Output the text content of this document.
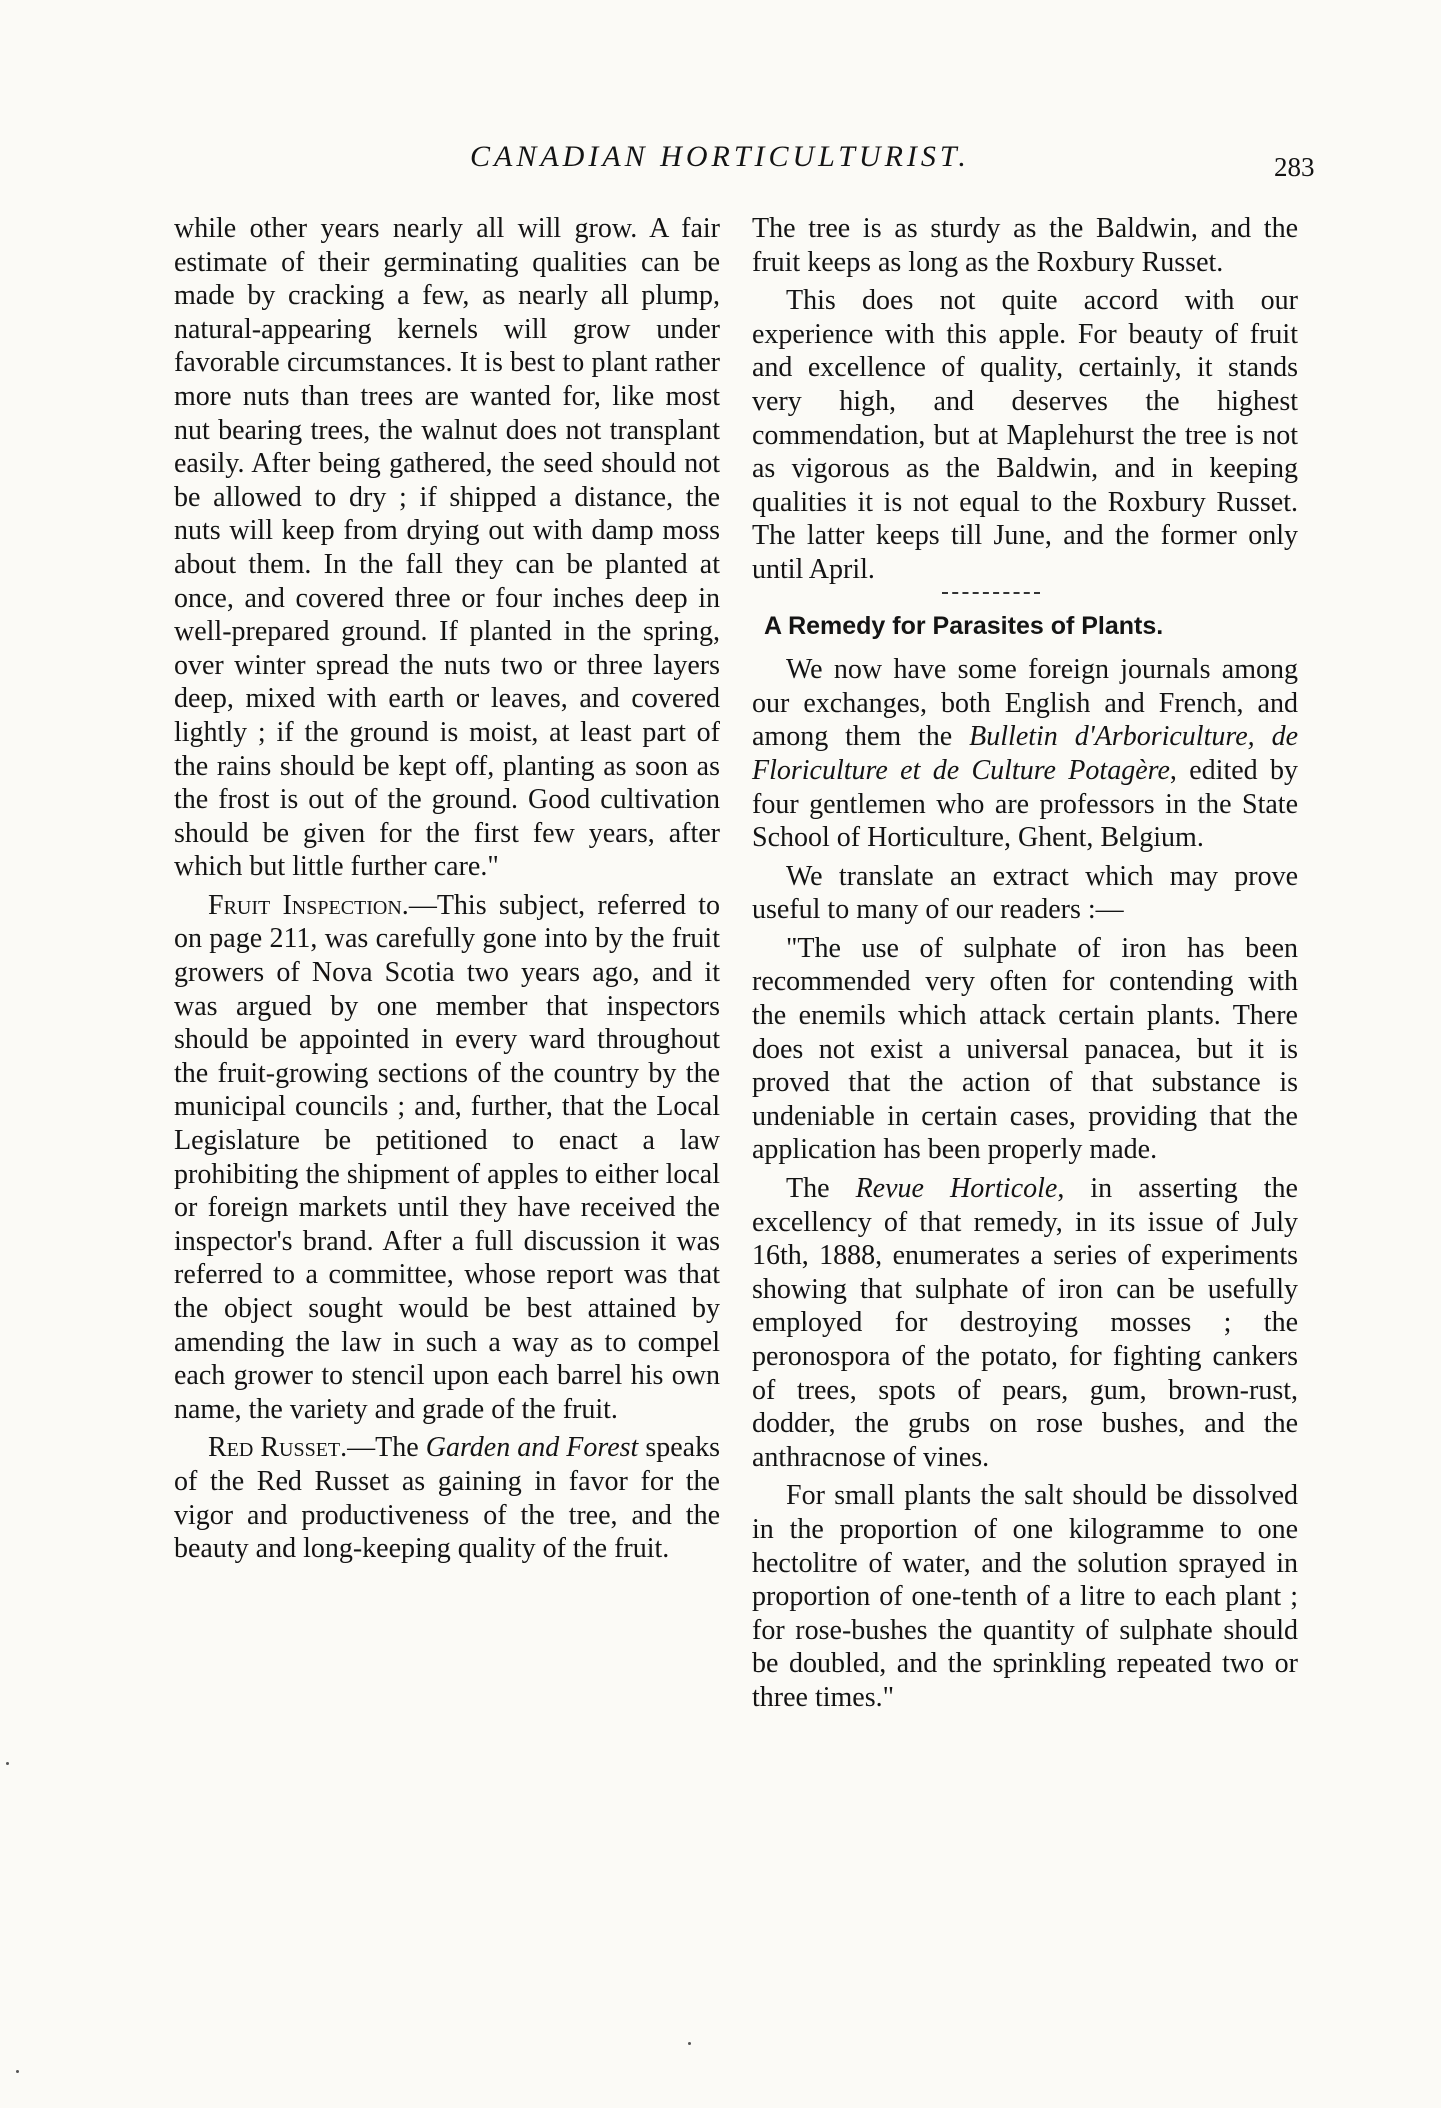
CANADIAN HORTICULTURIST.	283

while other years nearly all will grow. A fair estimate of their germinating qualities can be made by cracking a few, as nearly all plump, natural-appearing kernels will grow under favorable circumstances. It is best to plant rather more nuts than trees are wanted for, like most nut bearing trees, the walnut does not transplant easily. After being gathered, the seed should not be allowed to dry ; if shipped a distance, the nuts will keep from drying out with damp moss about them. In the fall they can be planted at once, and covered three or four inches deep in well-prepared ground. If planted in the spring, over winter spread the nuts two or three layers deep, mixed with earth or leaves, and covered lightly ; if the ground is moist, at least part of the rains should be kept off, planting as soon as the frost is out of the ground. Good cultivation should be given for the first few years, after which but little further care."

Fruit Inspection.—This subject, referred to on page 211, was carefully gone into by the fruit growers of Nova Scotia two years ago, and it was argued by one member that inspectors should be appointed in every ward throughout the fruit-growing sections of the country by the municipal councils ; and, further, that the Local Legislature be petitioned to enact a law prohibiting the shipment of apples to either local or foreign markets until they have received the inspector's brand. After a full discussion it was referred to a committee, whose report was that the object sought would be best attained by amending the law in such a way as to compel each grower to stencil upon each barrel his own name, the variety and grade of the fruit.

Red Russet.—The Garden and Forest speaks of the Red Russet as gaining in favor for the vigor and productiveness of the tree, and the beauty and long-keeping quality of the fruit.

The tree is as sturdy as the Baldwin, and the fruit keeps as long as the Roxbury Russet.

This does not quite accord with our experience with this apple. For beauty of fruit and excellence of quality, certainly, it stands very high, and deserves the highest commendation, but at Maplehurst the tree is not as vigorous as the Baldwin, and in keeping qualities it is not equal to the Roxbury Russet. The latter keeps till June, and the former only until April.

A Remedy for Parasites of Plants.

We now have some foreign journals among our exchanges, both English and French, and among them the Bulletin d'Arboriculture, de Floriculture et de Culture Potagère, edited by four gentlemen who are professors in the State School of Horticulture, Ghent, Belgium.

We translate an extract which may prove useful to many of our readers :—

"The use of sulphate of iron has been recommended very often for contending with the enemils which attack certain plants. There does not exist a universal panacea, but it is proved that the action of that substance is undeniable in certain cases, providing that the application has been properly made.

The Revue Horticole, in asserting the excellency of that remedy, in its issue of July 16th, 1888, enumerates a series of experiments showing that sulphate of iron can be usefully employed for destroying mosses ; the peronospora of the potato, for fighting cankers of trees, spots of pears, gum, brown-rust, dodder, the grubs on rose bushes, and the anthracnose of vines.

For small plants the salt should be dissolved in the proportion of one kilogramme to one hectolitre of water, and the solution sprayed in proportion of one-tenth of a litre to each plant ; for rose-bushes the quantity of sulphate should be doubled, and the sprinkling repeated two or three times."
